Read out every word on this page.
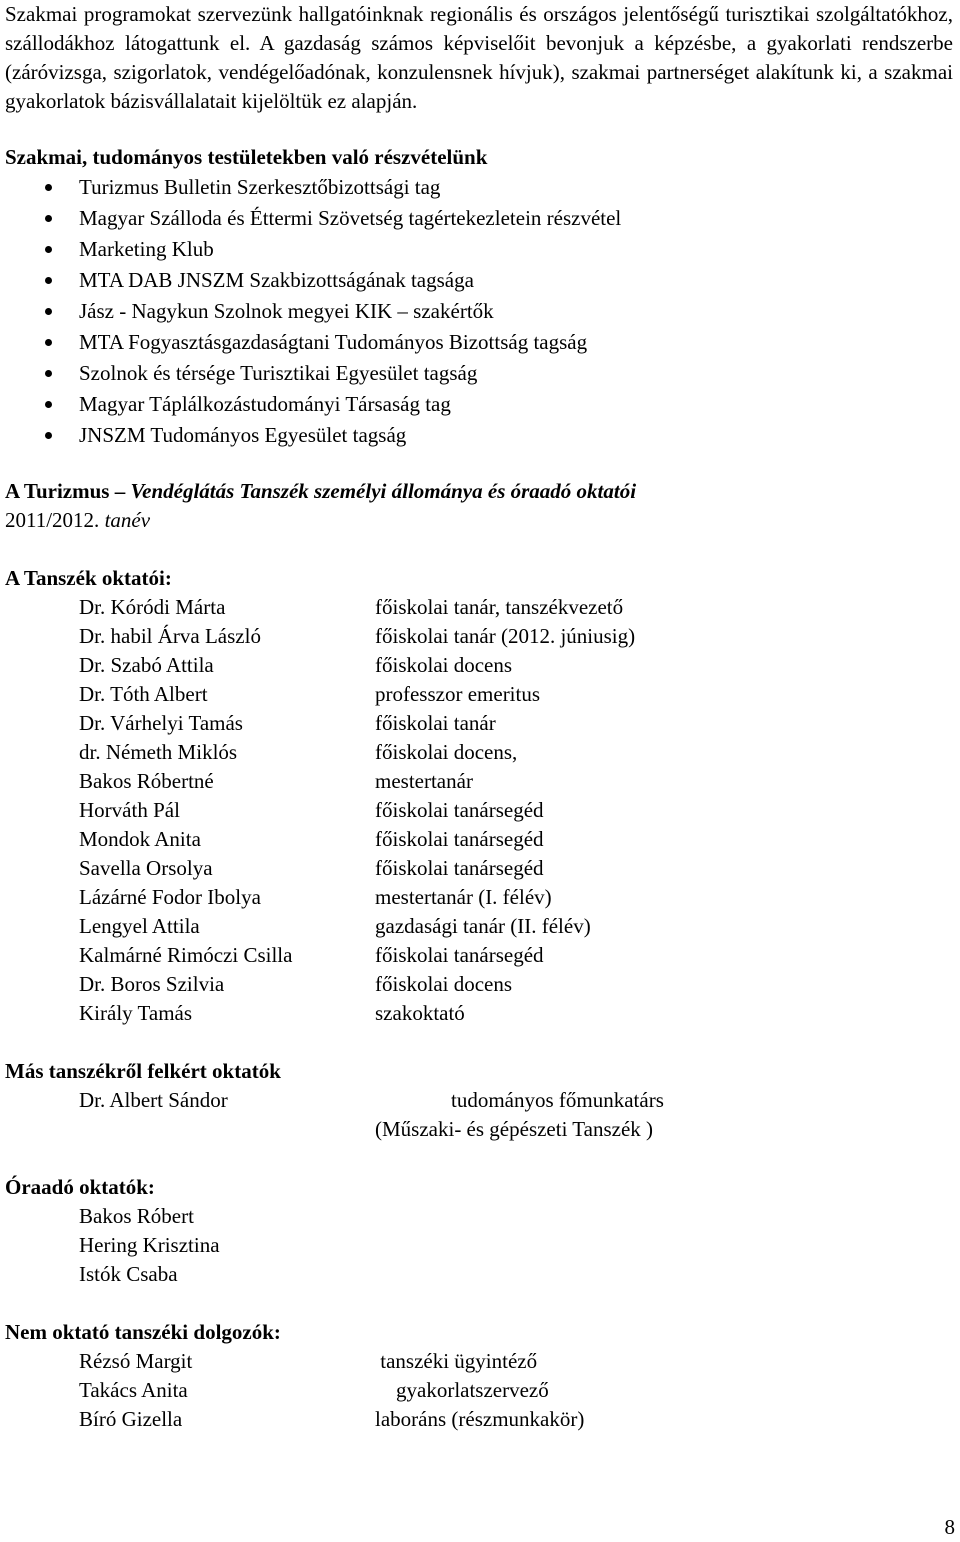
Szakmai programokat szervezünk hallgatóinknak regionális és országos jelentőségű turisztikai szolgáltatókhoz, szállodákhoz látogattunk el. A gazdaság számos képviselőit bevonjuk a képzésbe, a gyakorlati rendszerbe (záróvizsga, szigorlatok, vendégelőadónak, konzulensnek hívjuk), szakmai partnerséget alakítunk ki, a szakmai gyakorlatok bázisvállalatait kijelöltük ez alapján.

Szakmai, tudományos testületekben való részvételünk

Turizmus Bulletin Szerkesztőbizottsági tag
Magyar Szálloda és Éttermi Szövetség tagértekezletein részvétel
Marketing Klub
MTA DAB JNSZM Szakbizottságának tagsága
Jász - Nagykun Szolnok megyei KIK – szakértők
MTA Fogyasztásgazdaságtani Tudományos Bizottság tagság
Szolnok és térsége Turisztikai Egyesület tagság
Magyar Táplálkozástudományi Társaság tag
JNSZM Tudományos Egyesület tagság

A Turizmus – Vendéglátás Tanszék személyi állománya és óraadó oktatói

2011/2012. tanév

A Tanszék oktatói:

Dr. Kóródi Márta	főiskolai tanár, tanszékvezető
Dr. habil Árva László	főiskolai tanár (2012. júniusig)
Dr. Szabó Attila	főiskolai docens
Dr. Tóth Albert	professzor emeritus
Dr. Várhelyi Tamás	főiskolai tanár
dr. Németh Miklós	főiskolai docens,
Bakos Róbertné	mestertanár
Horváth Pál	főiskolai tanársegéd
Mondok Anita	főiskolai tanársegéd
Savella Orsolya	főiskolai tanársegéd
Lázárné Fodor Ibolya	mestertanár (I. félév)
Lengyel Attila	gazdasági tanár (II. félév)
Kalmárné Rimóczi Csilla	főiskolai tanársegéd
Dr. Boros Szilvia	főiskolai docens
Király Tamás	szakoktató

Más tanszékről felkért oktatók

Dr. Albert Sándor	tudományos főmunkatárs
(Műszaki- és gépészeti Tanszék )

Óraadó oktatók:

Bakos Róbert
Hering Krisztina
Istók Csaba

Nem oktató tanszéki dolgozók:

Rézsó Margit	tanszéki ügyintéző
Takács Anita	gyakorlatszervező
Bíró Gizella	laboráns (részmunkakör)
8
